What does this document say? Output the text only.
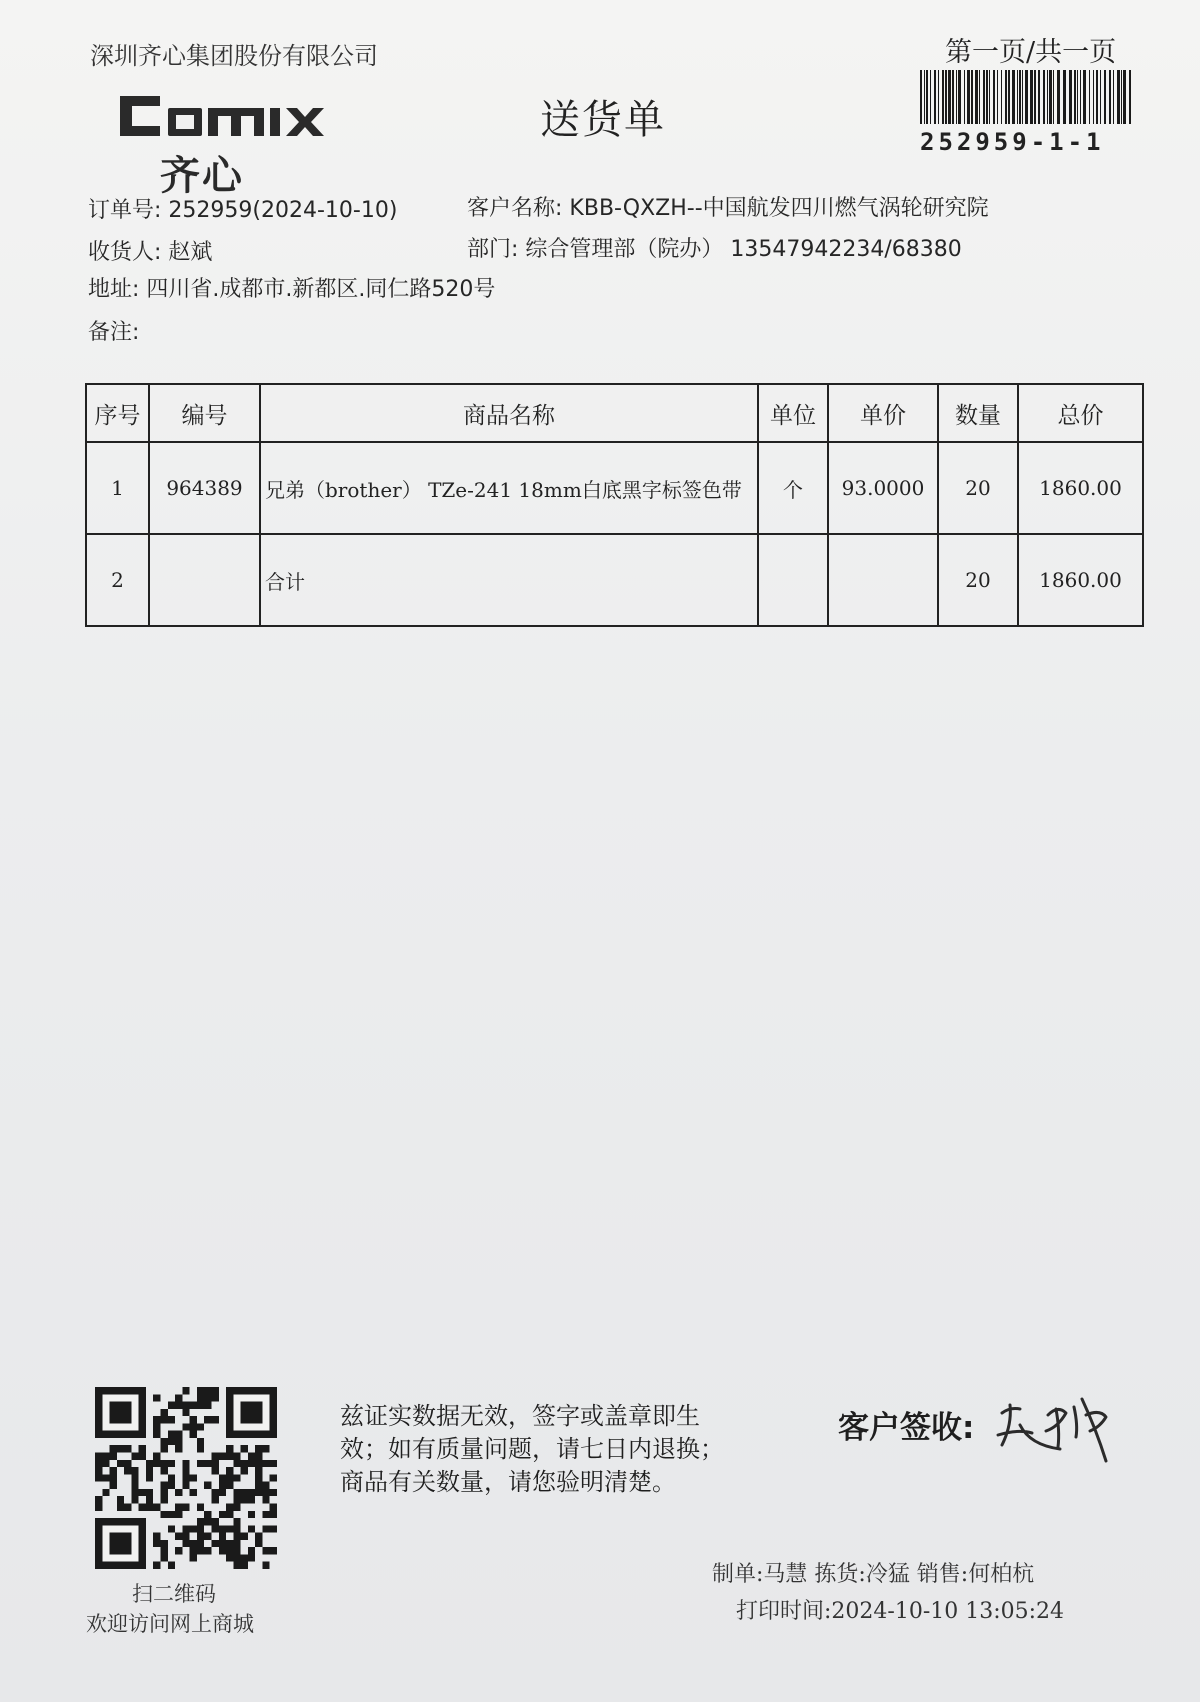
深圳齐心集团股份有限公司	第一页/共一页
252959-1-1
齐心
送货单
订单号: 252959(2024-10-10)	客户名称: KBB-QXZH--中国航发四川燃气涡轮研究院
收货人: 赵斌	部门: 综合管理部（院办） 13547942234/68380
地址: 四川省.成都市.新都区.同仁路520号
备注:
序号	编号	商品名称	单位	单价	数量	总价
1	964389	兄弟（brother） TZe-241 18mm白底黑字标签色带	个	93.0000	20	1860.00
2		合计			20	1860.00
扫二维码
欢迎访问网上商城
兹证实数据无效，签字或盖章即生效；如有质量问题，请七日内退换；商品有关数量，请您验明清楚。
客户签收:
制单:马慧 拣货:冷猛 销售:何柏杭
打印时间:2024-10-10 13:05:24
